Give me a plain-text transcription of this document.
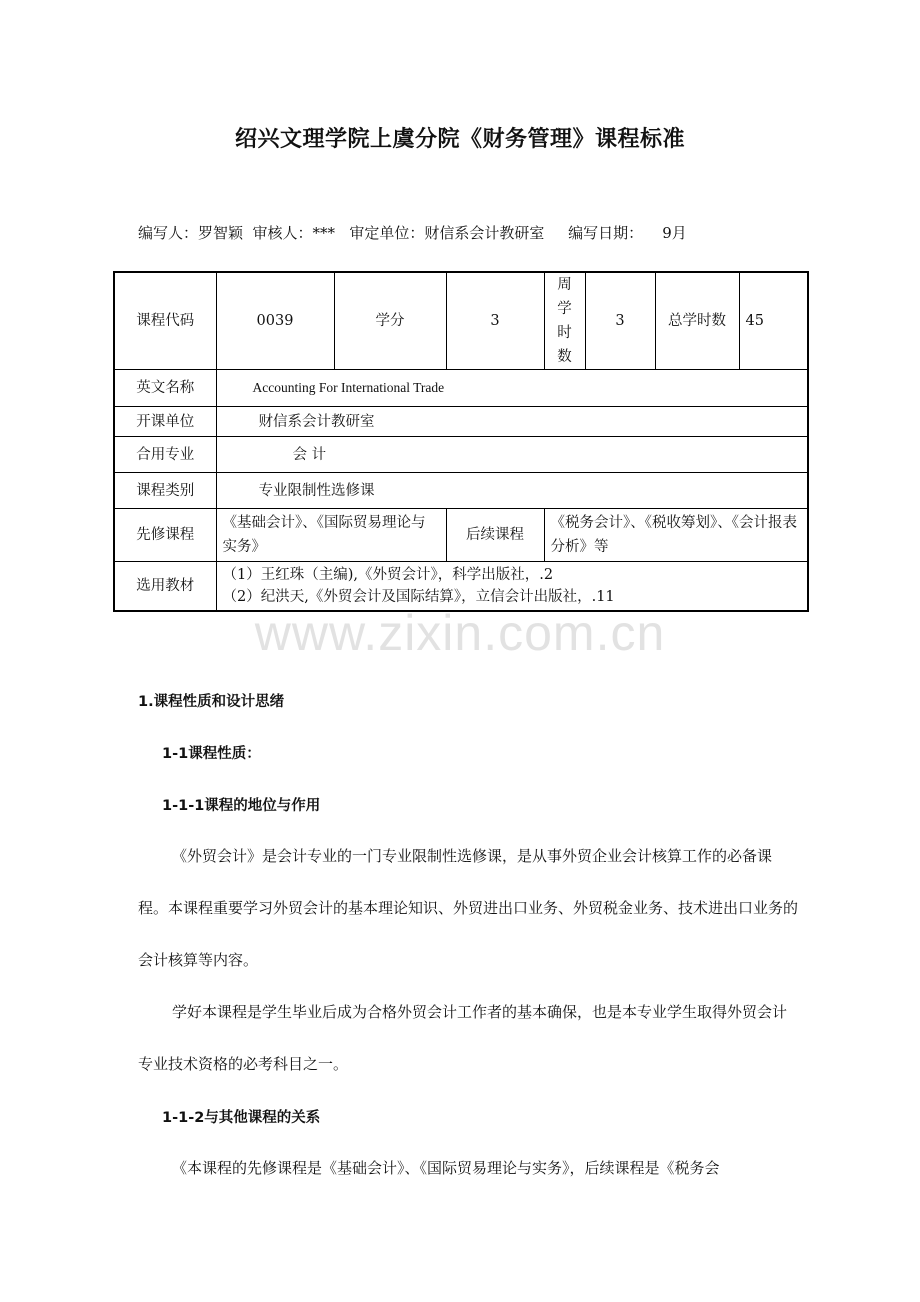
绍兴文理学院上虞分院《财务管理》课程标准
编写人：罗智颖  审核人：***   审定单位：财信系会计教研室     编写日期：    9月
课程代码	0039	学分	3	周
学
时
数	3	总学时数	45
英文名称	Accounting For International Trade						
开课单位	财信系会计教研室						
合用专业	会 计						
课程类别	专业限制性选修课						
先修课程	《基础会计》、《国际贸易理论与实务》		后续课程	《税务会计》、《税收筹划》、《会计报表分析》等			
选用教材	（1）王红珠（主编),《外贸会计》，科学出版社，.2
（2）纪洪天,《外贸会计及国际结算》，立信会计出版社，.11						
www.zixin.com.cn
1.课程性质和设计思绪
1-1课程性质：
1-1-1课程的地位与作用
《外贸会计》是会计专业的一门专业限制性选修课，是从事外贸企业会计核算工作的必备课程。本课程重要学习外贸会计的基本理论知识、外贸进出口业务、外贸税金业务、技术进出口业务的会计核算等内容。
学好本课程是学生毕业后成为合格外贸会计工作者的基本确保，也是本专业学生取得外贸会计专业技术资格的必考科目之一。
1-1-2与其他课程的关系
《本课程的先修课程是《基础会计》、《国际贸易理论与实务》，后续课程是《税务会
